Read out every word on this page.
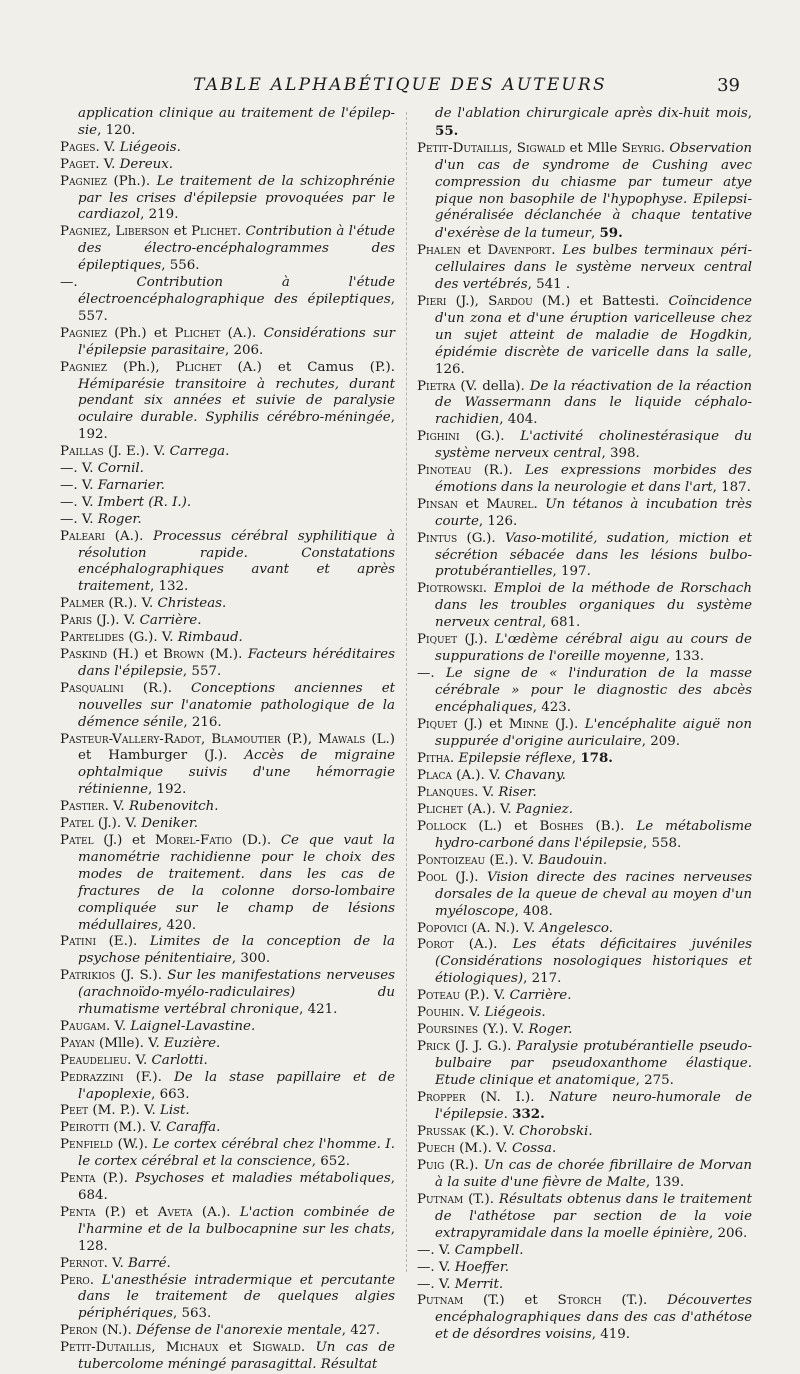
TABLE ALPHABÉTIQUE DES AUTEURS	39

application clinique au traitement de l'épilep-sie, 120.

Pages. V. Liégeois.

Paget. V. Dereux.

Pagniez (Ph.). Le traitement de la schizophrénie par les crises d'épilepsie provoquées par le cardiazol, 219.

Pagniez, Liberson et Plichet. Contribution à l'étude des électro-encéphalogrammes des épileptiques, 556.

—. Contribution à l'étude électroencéphalographique des épileptiques, 557.

Pagniez (Ph.) et Plichet (A.). Considérations sur l'épilepsie parasitaire, 206.

Pagniez (Ph.), Plichet (A.) et Camus (P.). Hémiparésie transitoire à rechutes, durant pendant six années et suivie de paralysie oculaire durable. Syphilis cérébro-méningée, 192.

Paillas (J. E.). V. Carrega.

—. V. Cornil.

—. V. Farnarier.

—. V. Imbert (R. I.).

—. V. Roger.

Paleari (A.). Processus cérébral syphilitique à résolution rapide. Constatations encéphalographiques avant et après traitement, 132.

Palmer (R.). V. Christeas.

Paris (J.). V. Carrière.

Partelides (G.). V. Rimbaud.

Paskind (H.) et Brown (M.). Facteurs héréditaires dans l'épilepsie, 557.

Pasqualini (R.). Conceptions anciennes et nouvelles sur l'anatomie pathologique de la démence sénile, 216.

Pasteur-Vallery-Radot, Blamoutier (P.), Mawals (L.) et Hamburger (J.). Accès de migraine ophtalmique suivis d'une hémorragie rétinienne, 192.

Pastier. V. Rubenovitch.

Patel (J.). V. Deniker.

Patel (J.) et Morel-Fatio (D.). Ce que vaut la manométrie rachidienne pour le choix des modes de traitement. dans les cas de fractures de la colonne dorso-lombaire compliquée sur le champ de lésions médullaires, 420.

Patini (E.). Limites de la conception de la psychose pénitentiaire, 300.

Patrikios (J. S.). Sur les manifestations nerveuses (arachnoïdo-myélo-radiculaires) du rhumatisme vertébral chronique, 421.

Paugam. V. Laignel-Lavastine.

Payan (Mlle). V. Euzière.

Peaudelieu. V. Carlotti.

Pedrazzini (F.). De la stase papillaire et de l'apoplexie, 663.

Peet (M. P.). V. List.

Peirotti (M.). V. Caraffa.

Penfield (W.). Le cortex cérébral chez l'homme. I. le cortex cérébral et la conscience, 652.

Penta (P.). Psychoses et maladies métaboliques, 684.

Penta (P.) et Aveta (A.). L'action combinée de l'harmine et de la bulbocapnine sur les chats, 128.

Pernot. V. Barré.

Pero. L'anesthésie intradermique et percutante dans le traitement de quelques algies périphériques, 563.

Peron (N.). Défense de l'anorexie mentale, 427.

Petit-Dutaillis, Michaux et Sigwald. Un cas de tubercolome méningé parasagittal. Résultat

de l'ablation chirurgicale après dix-huit mois, 55.

Petit-Dutaillis, Sigwald et Mlle Seyrig. Observation d'un cas de syndrome de Cushing avec compression du chiasme par tumeur atye pique non basophile de l'hypophyse. Epilepsi- généralisée déclanchée à chaque tentative d'exérèse de la tumeur, 59.

Phalen et Davenport. Les bulbes terminaux péri-cellulaires dans le système nerveux central des vertébrés, 541 .

Pieri (J.), Sardou (M.) et Battesti. Coïncidence d'un zona et d'une éruption varicelleuse chez un sujet atteint de maladie de Hogdkin, épidémie discrète de varicelle dans la salle, 126.

Pietra (V. della). De la réactivation de la réaction de Wassermann dans le liquide céphalo-rachidien, 404.

Pighini (G.). L'activité cholinestérasique du système nerveux central, 398.

Pinoteau (R.). Les expressions morbides des émotions dans la neurologie et dans l'art, 187.

Pinsan et Maurel. Un tétanos à incubation très courte, 126.

Pintus (G.). Vaso-motilité, sudation, miction et sécrétion sébacée dans les lésions bulbo-protubérantielles, 197.

Piotrowski. Emploi de la méthode de Rorschach dans les troubles organiques du système nerveux central, 681.

Piquet (J.). L'œdème cérébral aigu au cours de suppurations de l'oreille moyenne, 133.

—. Le signe de « l'induration de la masse cérébrale » pour le diagnostic des abcès encéphaliques, 423.

Piquet (J.) et Minne (J.). L'encéphalite aiguë non suppurée d'origine auriculaire, 209.

Pitha. Epilepsie réflexe, 178.

Placa (A.). V. Chavany.

Planques. V. Riser.

Plichet (A.). V. Pagniez.

Pollock (L.) et Boshes (B.). Le métabolisme hydro-carboné dans l'épilepsie, 558.

Pontoizeau (E.). V. Baudouin.

Pool (J.). Vision directe des racines nerveuses dorsales de la queue de cheval au moyen d'un myéloscope, 408.

Popovici (A. N.). V. Angelesco.

Porot (A.). Les états déficitaires juvéniles (Considérations nosologiques historiques et étiologiques), 217.

Poteau (P.). V. Carrière.

Pouhin. V. Liégeois.

Poursines (Y.). V. Roger.

Prick (J. J. G.). Paralysie protubérantielle pseudo-bulbaire par pseudoxanthome élastique. Etude clinique et anatomique, 275.

Propper (N. I.). Nature neuro-humorale de l'épilepsie. 332.

Prussak (K.). V. Chorobski.

Puech (M.). V. Cossa.

Puig (R.). Un cas de chorée fibrillaire de Morvan à la suite d'une fièvre de Malte, 139.

Putnam (T.). Résultats obtenus dans le traitement de l'athétose par section de la voie extrapyramidale dans la moelle épinière, 206.

—. V. Campbell.

—. V. Hoeffer.

—. V. Merrit.

Putnam (T.) et Storch (T.). Découvertes encéphalographiques dans des cas d'athétose et de désordres voisins, 419.
